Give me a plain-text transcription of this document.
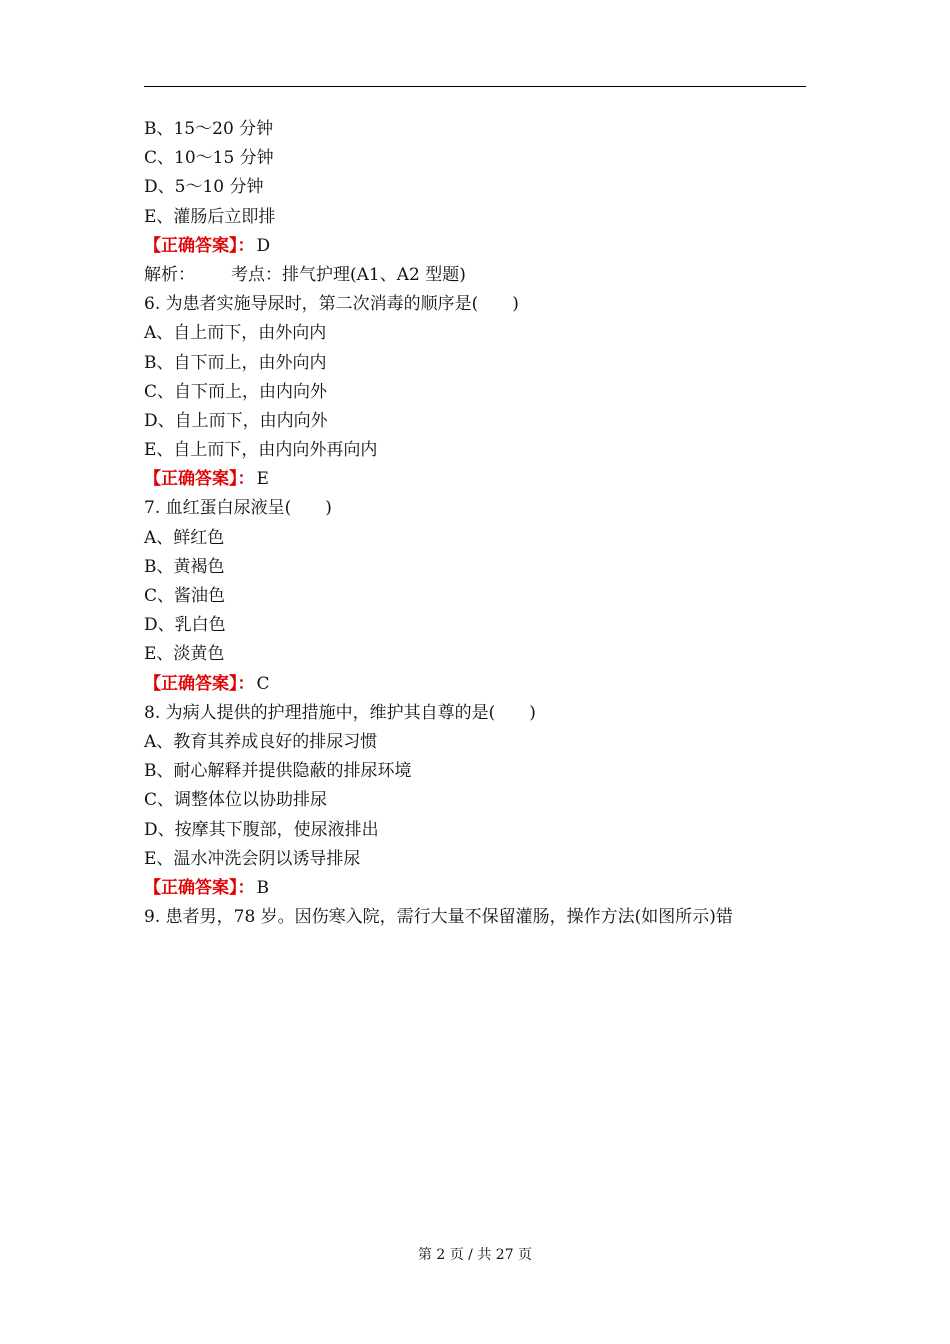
B、15～20 分钟
C、10～15 分钟
D、5～10 分钟
E、灌肠后立即排
【正确答案】： D
解析： 考点：排气护理(A1、A2 型题)
6. 为患者实施导尿时，第二次消毒的顺序是(　　)
A、自上而下，由外向内
B、自下而上，由外向内
C、自下而上，由内向外
D、自上而下，由内向外
E、自上而下，由内向外再向内
【正确答案】： E
7. 血红蛋白尿液呈(　　)
A、鲜红色
B、黄褐色
C、酱油色
D、乳白色
E、淡黄色
【正确答案】： C
8. 为病人提供的护理措施中，维护其自尊的是(　　)
A、教育其养成良好的排尿习惯
B、耐心解释并提供隐蔽的排尿环境
C、调整体位以协助排尿
D、按摩其下腹部，使尿液排出
E、温水冲洗会阴以诱导排尿
【正确答案】： B
9. 患者男，78 岁。因伤寒入院，需行大量不保留灌肠，操作方法(如图所示)错
第 2 页 / 共 27 页
